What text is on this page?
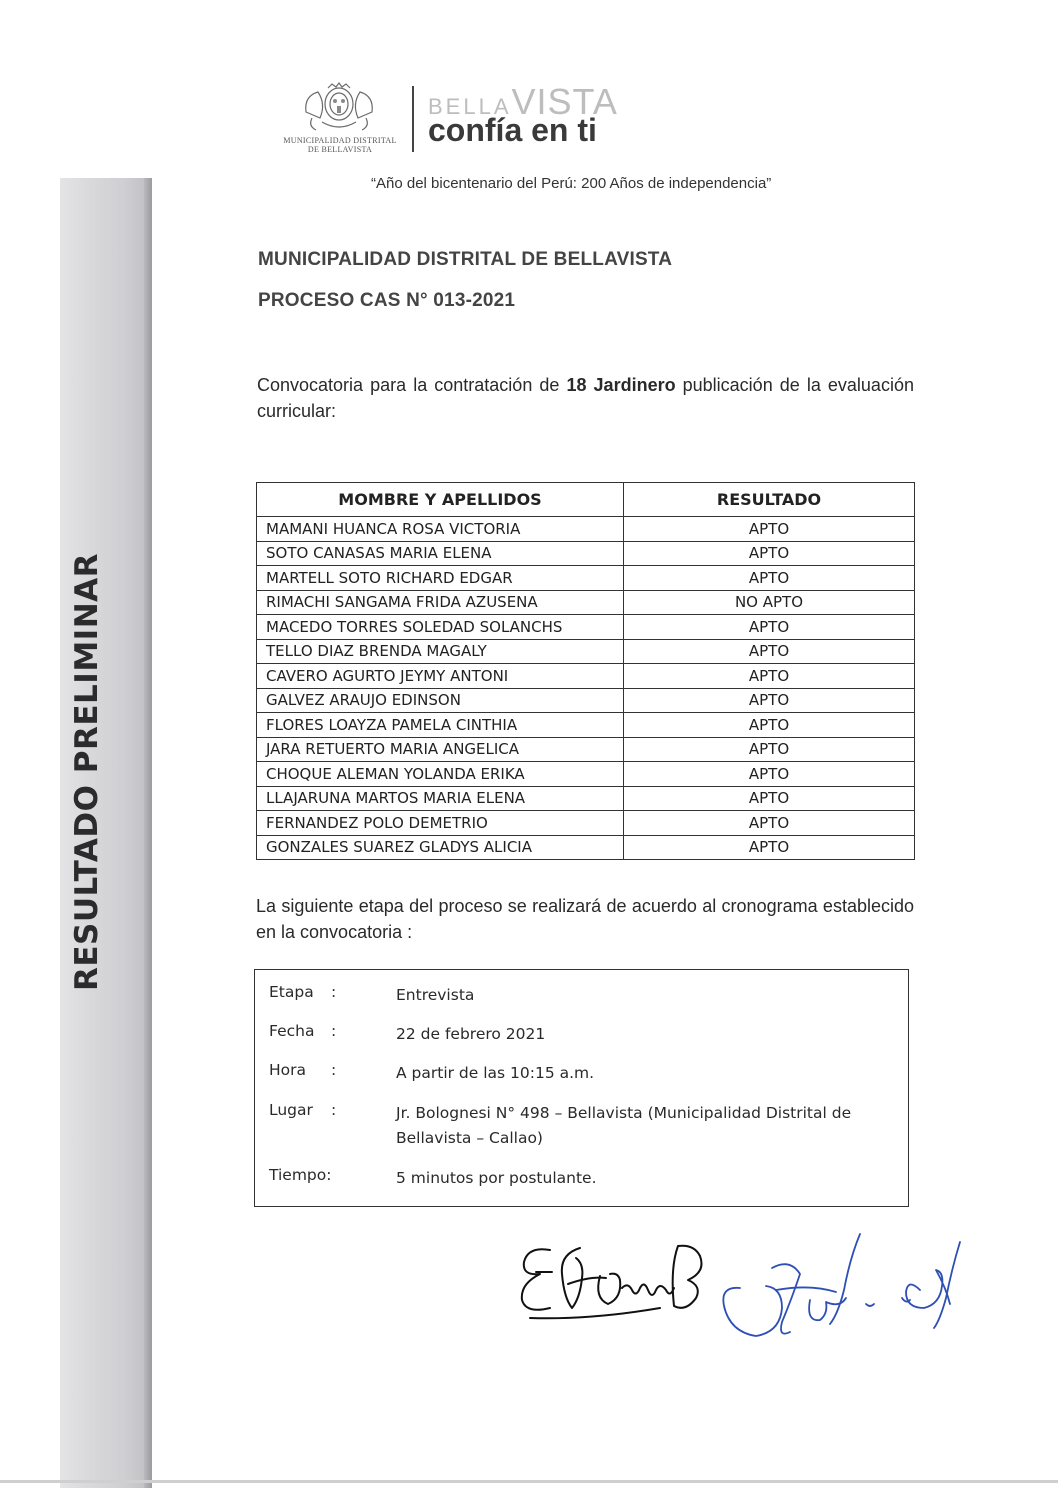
RESULTADO PRELIMINAR
MUNICIPALIDAD DISTRITAL
DE BELLAVISTA
BELLAVISTA
confía en ti
“Año del bicentenario del Perú: 200 Años de independencia”
MUNICIPALIDAD DISTRITAL DE BELLAVISTA
PROCESO CAS N° 013-2021
Convocatoria para la contratación de 18 Jardinero publicación de la evaluación curricular:
MOMBRE Y APELLIDOS	RESULTADO
MAMANI HUANCA ROSA VICTORIA	APTO
SOTO CANASAS MARIA ELENA	APTO
MARTELL SOTO RICHARD EDGAR	APTO
RIMACHI SANGAMA FRIDA AZUSENA	NO APTO
MACEDO TORRES SOLEDAD SOLANCHS	APTO
TELLO DIAZ BRENDA MAGALY	APTO
CAVERO AGURTO JEYMY ANTONI	APTO
GALVEZ ARAUJO EDINSON	APTO
FLORES LOAYZA PAMELA CINTHIA	APTO
JARA RETUERTO MARIA ANGELICA	APTO
CHOQUE ALEMAN YOLANDA ERIKA	APTO
LLAJARUNA MARTOS MARIA ELENA	APTO
FERNANDEZ POLO DEMETRIO	APTO
GONZALES SUAREZ GLADYS ALICIA	APTO
La siguiente etapa del proceso se realizará de acuerdo al cronograma establecido en la convocatoria :
Etapa	:	Entrevista
Fecha	:	22 de febrero 2021
Hora	:	A partir de las 10:15 a.m.
Lugar	:	Jr. Bolognesi N° 498 – Bellavista (Municipalidad Distrital de Bellavista – Callao)
Tiempo:	5 minutos por postulante.
